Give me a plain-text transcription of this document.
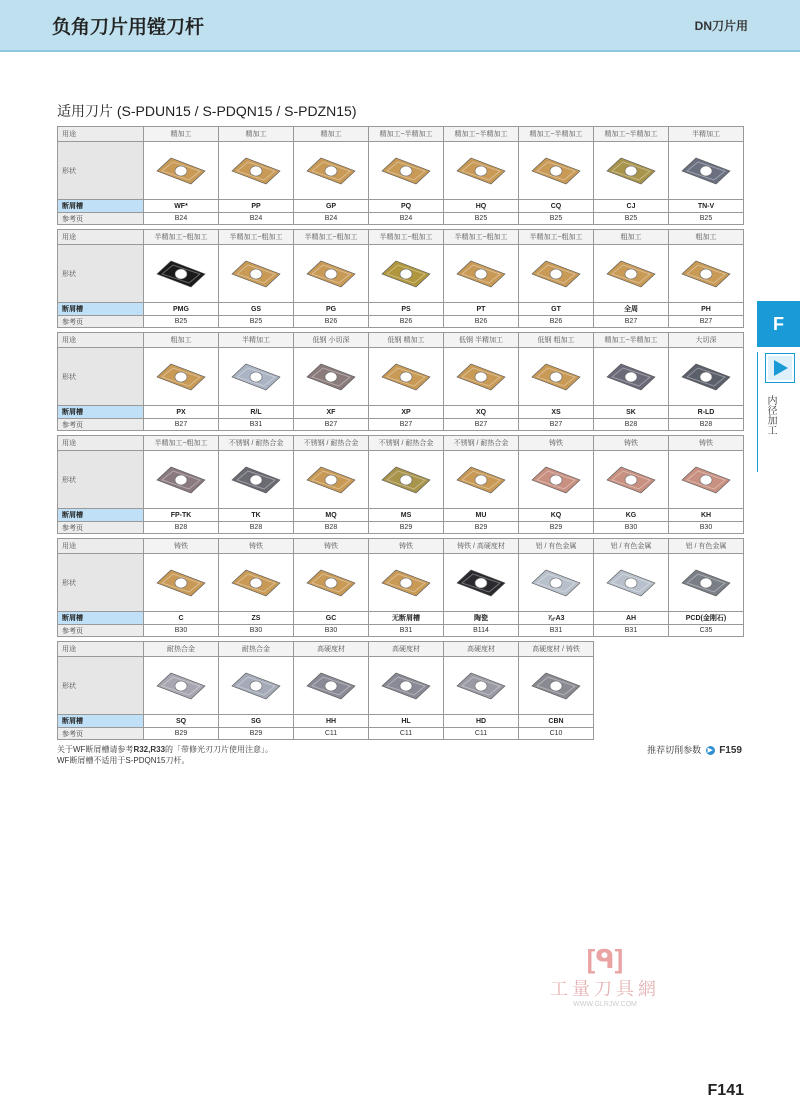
负角刀片用镗刀杆	DN刀片用
适用刀片 (S-PDUN15 / S-PDQN15 / S-PDZN15)
用途	精加工	精加工	精加工	精加工~半精加工	精加工~半精加工	精加工~半精加工	精加工~半精加工	半精加工
形状	

断屑槽	WF*	PP	GP	PQ	HQ	CQ	CJ	TN-V
参考页	B24	B24	B24	B24	B25	B25	B25	B25
用途	半精加工~粗加工	半精加工~粗加工	半精加工~粗加工	半精加工~粗加工	半精加工~粗加工	半精加工~粗加工	粗加工	粗加工
形状	

断屑槽	PMG	GS	PG	PS	PT	GT	全周	PH
参考页	B25	B25	B26	B26	B26	B26	B27	B27
用途	粗加工	半精加工	低钢 小切深	低钢 精加工	低钢 半精加工	低钢 粗加工	精加工~半精加工	大切深
形状	

断屑槽	PX	R/L	XF	XP	XQ	XS	SK	R-LD
参考页	B27	B31	B27	B27	B27	B27	B28	B28
用途	半精加工~粗加工	不锈钢 / 耐热合金	不锈钢 / 耐热合金	不锈钢 / 耐热合金	不锈钢 / 耐热合金	铸铁	铸铁	铸铁
形状	

断屑槽	FP-TK	TK	MQ	MS	MU	KQ	KG	KH
参考页	B28	B28	B28	B29	B29	B29	B30	B30
用途	铸铁	铸铁	铸铁	铸铁	铸铁 / 高硬度材	铝 / 有色金属	铝 / 有色金属	铝 / 有色金属
形状	

断屑槽	C	ZS	GC	无断屑槽	陶瓷	⅞-A3	AH	PCD(金刚石)
参考页	B30	B30	B30	B31	B114	B31	B31	C35
用途	耐热合金	耐热合金	高硬度材	高硬度材	高硬度材	高硬度材 / 铸铁
形状	

断屑槽	SQ	SG	HH	HL	HD	CBN
参考页	B29	B29	C11	C11	C11	C10
关于WF断屑槽请参考R32,R33的「带修光刃刀片使用注意」。
WF断屑槽不适用于S-PDQN15刀杆。
推荐切削参数 ▶ F159
F
内径加工
[ᑫ]
工量刀具網
WWW.GLRJW.COM
F141
